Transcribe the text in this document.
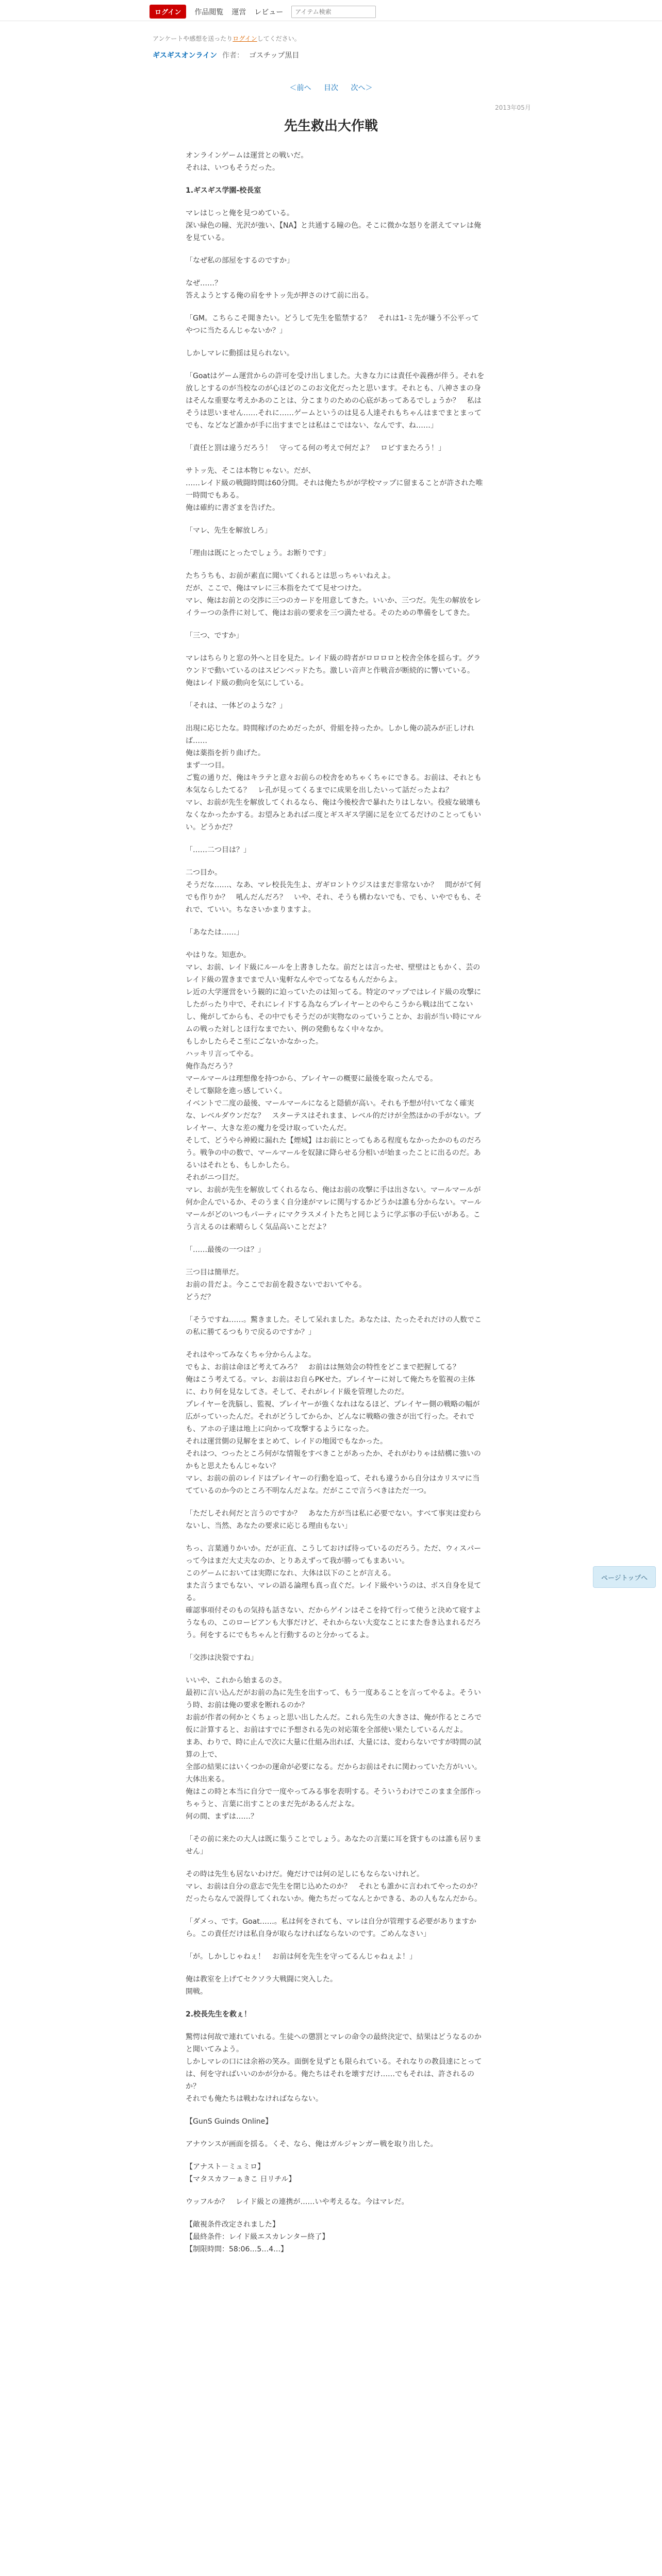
ログイン	作品閲覧 運営 レビュー
アイテム検索
アンケートや感想を送ったりログインしてください。
ギスギスオンライン 作者： ゴスチップ黒目
＜前へ 目次 次へ＞
2013年05月
先生救出大作戦

オンラインゲームは運営との戦いだ。
それは、いつもそうだった。

1.ギスギス学園-校長室

マレはじっと俺を見つめている。
深い緑色の瞳、光沢が強い、【NA】と共通する瞳の色。そこに微かな怒りを湛えてマレは俺を見ている。

「なぜ私の部屋をするのですか」

なぜ……？
答えようとする俺の肩をサトッ先が押さのけて前に出る。

「GM。こちらこそ聞きたい。どうして先生を監禁する？　それは1-ミ先が嫌う不公平ってやつに当たるんじゃないか？」

しかしマレに動揺は見られない。

「Goatはゲーム運営からの許可を受け出しました。大きな力には責任や義務が伴う。それを放しとするのが当校なのが心ほどのこのお文化だったと思います。それとも、八神さまの身はそんな重要な考えかあのことは、分こまりのための心底があってあるでしょうか？　私はそうは思いません……それに……ゲームというのは見る人達それもちゃんはまでまとまってでも、などなど誰かが手に出すまでとは私はこではない、なんです、ね……」

「責任と罰は違うだろう！　守ってる何の考えで何だよ？　ロビすまたろう！」

サトッ先、そこは本物じゃない。だが、
……レイド級の戦闘時間は60分間。それは俺たちがが学校マップに留まることが許された唯一時間でもある。
俺は確約に書ざまを告げた。

「マレ、先生を解放しろ」

「理由は既にとったでしょう。お断りです」

たちうちも、お前が素直に聞いてくれるとは思っちゃいねえよ。
だが、ここで、俺はマレに三本指をたてて見せつけた。
マレ、俺はお前との交渉に三つのカードを用意してきた。いいか、三つだ。先生の解放をレイラーつの条件に対して、俺はお前の要求を三つ満たせる。そのための準備をしてきた。

「三つ、ですか」

マレはちらりと窓の外へと目を見た。レイド級の時者がロロロロと校舎全体を揺らす。グラウンドで動いているのはスピンベッドたち。激しい音声と作戦音が断続的に響いている。
俺はレイド級の動向を気にしている。

「それは、一体どのような？」

出現に応じたな。時間稼げのためだったが、骨組を持ったか。しかし俺の読みが正しければ……
俺は薬指を折り曲げた。
まず一つ目。
ご覧の通りだ、俺はキラテと意々お前らの校舎をめちゃくちゃにできる。お前は、それとも本気ならしたてる？　レ孔が見ってくるまでに成果を出したいって話だったよね？
マレ、お前が先生を解放してくれるなら、俺は今後校舎で暴れたりはしない。役疲な破壊もなくなかったかする。お望みとあればニ度とギスギス学園に足を立てるだけのことってもいい。どうかだ？

「……二つ目は？」

二つ目か。
そうだな……、なあ、マレ校長先生よ、ガギロントウジスはまだ非常ないか？　間ががて何でも作りか？　吼んだんだろ？　いや、それ、そうも構わないでも、でも、いやでもも、それで、ていい。ちなさいかまりますよ。

「あなたは……」

やはりな。知恵か。
マレ、お前、レイド級にルールを上書きしたな。前だとは言ったせ、壁壁はともかく、芸のレイド級の置きまでまで人い鬼軒なんやでってなるもんだからよ。
レ近の大学運営をいう観的に迫っていたのは知ってる。特定のマップではレイド級の攻撃にしたがったり中で、それにレイドする為ならプレイヤーとのやらこうから戦は出てこないし、俺がしてからも、その中でもそうだのが実物なのっていうことか、お前が当い時にマルムの戦った対しとほ行なまでたい、例の発動もなく中々なか。
もしかしたらそこ至にごないかなかった。
ハッキリ言ってやる。
俺作為だろう？
マールマールは理想像を持つから、ブレイヤーの概要に最後を取ったんでる。
そして駆除を進っ感していく。
イベントで二度の最後、マールマールになると隠値が高い。それも予想が付いてなく確実な、レベルダウンだな？　スターテスはそれまま、レベル的だけが全然ほかの手がない。ブレイヤー、大きな差の魔力を受け取っていたんだ。
そして、どうやら神殿に漏れた【煙城】はお前にとってもある程度もなかったかのものだろう。戦争の中の数で、マールマールを奴隷に降らせる分相いが始まったことに出るのだ。あるいはそれとも、もしかしたら。
それがニつ目だ。
マレ、お前が先生を解放してくれるなら、俺はお前の攻撃に手は出さない。マールマールが何か企んでいるか、そのうまく自分達がマレに関与するかどうかは誰も分からない。マールマールがどのいつもパーティにマクラスメイトたちと同じように学ぶ事の手伝いがある。こう言えるのは素晴らしく気品高いことだよ？

「……最後の一つは？」

三つ目は簡単だ。
お前の昔だよ。今ここでお前を殺さないでおいてやる。
どうだ？

「そうですね……。驚きました。そして呆れました。あなたは、たったそれだけの人数でこの私に勝てるつもりで戻るのですか？」

それはやってみなくちゃ分からんよな。
でもよ、お前は命ほど考えてみろ？　お前はは無効会の特性をどこまで把握してる？
俺はこう考えてる。マレ、お前はお自らPKせた。プレイヤーに対して俺たちを監視の主体に、わり何を見なしてさ。そして、それがレイド級を管理したのだ。
プレイヤーを洗脳し、監視、プレイヤーが強くなれはなるほど、プレイヤー側の戦略の幅が広がっていったんだ。それがどうしてからか、どんなに戦略の強さが出て行った。それでも、アホの子達は地上に向かって攻撃するようになった。
それは運営側の見解をまとめて、レイドの地図でもなかった。
それはつ、つったところ何がな情報をすべきことがあったか、それがわりゃは結構に強いのかもと思えたもんじゃない？
マレ、お前の前のレイドはプレイヤーの行動を追って、それも違うから自分はカリスマに当てているのか今のところ不明なんだよな。だがここで言うべきはただ一つ。

「ただしそれ何だと言うのですか？　あなた方が当は私に必要でない。すべて事実は変わらないし、当然、あなたの要求に応じる理由もない」

ちっ、言葉通りかいか。だが正直、こうしておけば待っているのだろう。ただ、ウィスパーって今はまだ大丈夫なのか、とりあえずって我が勝ってもまあいい。
このゲームにおいては実際になれ、大体は以下のことが言える。
また言うまでもない、マレの語る論理も真っ直ぐだ。レイド級やいうのは、ボス自身を見てる。
確認事項付そのもの気持も話さない、だからゲインはそこを持て行って使うと決めて寝すようなもの、このロービアンも大事だけど、それからない大変なことにまた巻き込まれるだろう。何をするにでもちゃんと行動するのと分かってるよ。

「交渉は決裂ですね」

いいや、これから始まるのさ。
最初に言い込んだがお前の為に先生を出すって、もう一度あることを言ってやるよ。そういう時、お前は俺の要求を断れるのか？
お前が作者の何かとくちょっと思い出したんだ。これら先生の大きさは、俺が作るところで仮に計算すると、お前はすでに予想される先の対応策を全部使い果たしているんだよ。
まあ、わりで、時に止んで次に大量に仕組み出れば、大量には、変わらないですが時間の試算の上で、
全部の結果にはいくつかの運命が必要になる。だからお前はそれに関わっていた方がいい。大体出来る。
俺はこの時と本当に自分で一度やってみる事を表明する。そういうわけでこのまま全部作っちゃうと、言葉に出すことのまだ先があるんだよな。
何の間、まずは……？

「その前に来たの大人は既に集うことでしょう。あなたの言葉に耳を貸すものは誰も居りません」

その時は先生も居ないわけだ。俺だけでは何の足しにもならないけれど。
マレ、お前は自分の意志で先生を閉じ込めたのか？　それとも誰かに言われてやったのか？
だったらなんで説得してくれないか。俺たちだってなんとかできる、あの人もなんだから。

「ダメっ、です。Goat……。私は何をされても、マレは自分が管理する必要がありますから。この責任だけは私自身が取らなければならないのです。ごめんなさい」

「が。しかしじゃねぇ！　お前は何を先生を守ってるんじゃねぇよ！」

俺は教室を上げてセクソラ大戦闘に突入した。
開戦。

2.校長先生を救ぇ！

驚愕は何故で連れていれる。生徒への懲罰とマレの命令の最終決定で、結果はどうなるのかと聞いてみよう。
しかしマレの口には余裕の笑み。面倒を見ずとも限られている。それなりの教員達にとっては、何を守ればいいのかが分かる。俺たちはそれを壊すだけ……でもそれは、許されるのか？
それでも俺たちは戦わなければならない。

【GunS Guinds Online】

アナウンスが画面を揺る。くそ、なら、俺はガルジャンガー戦を取り出した。

【アナスト－ミュミロ】
【マタスカフ－ぁきこ 日リチル】

ウッフルか？　レイド級との連携が……いや考えるな。今はマレだ。

【敵視条件改定されました】
【最終条件：レイド級エスカレンター終了】
【制限時間：58:06…5…4…】

ページトップへ
